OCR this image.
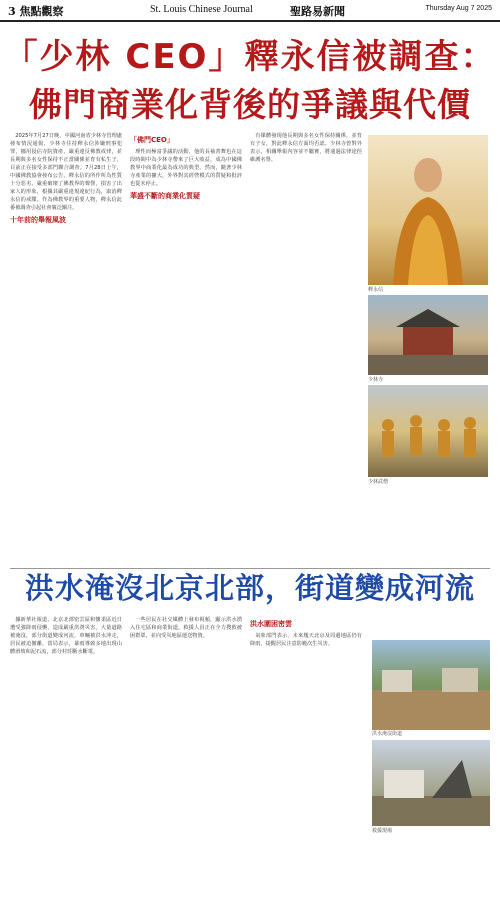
3 焦點觀察	St. Louis Chinese Journal	聖路易新聞	Thursday Aug 7 2025
「少林 CEO」釋永信被調查：
佛門商業化背後的爭議與代價

2025年7月27日晚，中國河南省少林寺管理處發布情況通報，少林寺住持釋永信涉嫌刑事犯罪，挪用侵佔寺院資產，嚴重違反佛教戒律，並長期與多名女性保持不正當關係並育有私生子，目前正在接受多部門聯合調查。7月28日上午，中國佛教協會發布公告，釋永信的所作所為性質十分惡劣，嚴重破壞了佛教界的聲譽，損害了出家人的形象，根據其嚴重違規違紀行為，取消釋永信的戒牒。作為佛教界的重要人物，釋永信此番被調查引起社會廣泛關注。

十年前的舉報風波
「佛門CEO」

理性而極富爭議的活動，他的長袖善舞也在這段時間中為少林寺帶來了巨大收益，成為中國佛教界中商業化最為成功的典型。然而，隨著少林寺產業的擴大，外界對其經營模式的質疑和批評也從未停止。

華盛不斷的商業化質疑

有媒體發現他長期與多名女性保持關係，並育有子女，對此釋永信方面均否認。少林寺曾對外表示，相關舉報內容並不屬實，將通過法律途徑維護名譽。

釋永信
少林寺
少林武僧
洪水淹沒北京北部，街道變成河流

據新華社報道，北京北部密雲區和懷柔區近日遭受強降雨侵襲，造成嚴重洪澇災害。大量道路被淹沒，部分街道變成河流，車輛被洪水沖走，居民被迫撤離。當局表示，暴雨導致多地出現山體滑坡和泥石流，部分村莊斷水斷電。

一些居民在社交媒體上發布視頻，顯示洪水湧入住宅區和商業街道。救援人員正在全力搜救被困群眾，並向受災地區運送物資。

洪水圍困密雲

氣象部門表示，未來幾天北京及周邊地區仍有降雨，提醒居民注意防範次生災害。

洪水淹沒街道
救援現場
